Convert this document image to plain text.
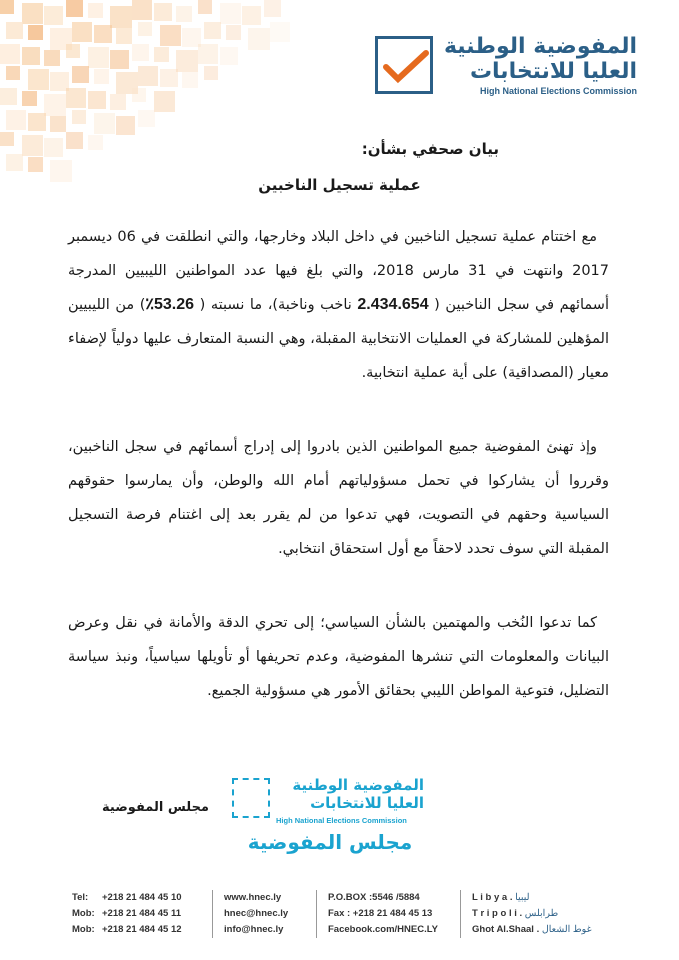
المفوضية الوطنية
العليا للانتخابات
High National Elections Commission
بيان صحفي بشأن:
عملية تسجيل الناخبين
مع اختتام عملية تسجيل الناخبين في داخل البلاد وخارجها، والتي انطلقت في 06 ديسمبر 2017 وانتهت في 31 مارس 2018، والتي بلغ فيها عدد المواطنين الليبيين المدرجة أسمائهم في سجل الناخبين ( 2.434.654 ناخب وناخبة)، ما نسبته ( 53.26٪) من الليبيين المؤهلين للمشاركة في العمليات الانتخابية المقبلة، وهي النسبة المتعارف عليها دولياً لإضفاء معيار (المصداقية) على أية عملية انتخابية.
وإذ تهنئ المفوضية جميع المواطنين الذين بادروا إلى إدراج أسمائهم في سجل الناخبين، وقرروا أن يشاركوا في تحمل مسؤولياتهم أمام الله والوطن، وأن يمارسوا حقوقهم السياسية وحقهم في التصويت، فهي تدعوا من لم يقرر بعد إلى اغتنام فرصة التسجيل المقبلة التي سوف تحدد لاحقاً مع أول استحقاق انتخابي.
كما تدعوا النُخب والمهتمين بالشأن السياسي؛ إلى تحري الدقة والأمانة في نقل وعرض البيانات والمعلومات التي تنشرها المفوضية، وعدم تحريفها أو تأويلها سياسياً، ونبذ سياسة التضليل، فتوعية المواطن الليبي بحقائق الأمور هي مسؤولية الجميع.
المفوضية الوطنية
العليا للانتخابات
High National Elections Commission
مجلس المفوضية
مجلس المفوضية
Tel: +218 21 484 45 10
Mob: +218 21 484 45 11
Mob: +218 21 484 45 12
www.hnec.ly
hnec@hnec.ly
info@hnec.ly
P.O.BOX :5546 /5884
Fax : +218 21 484 45 13
Facebook.com/HNEC.LY
L i b y a . ليبيا
T r i p o l i . طرابلس
Ghot Al.Shaal . غوط الشعال
